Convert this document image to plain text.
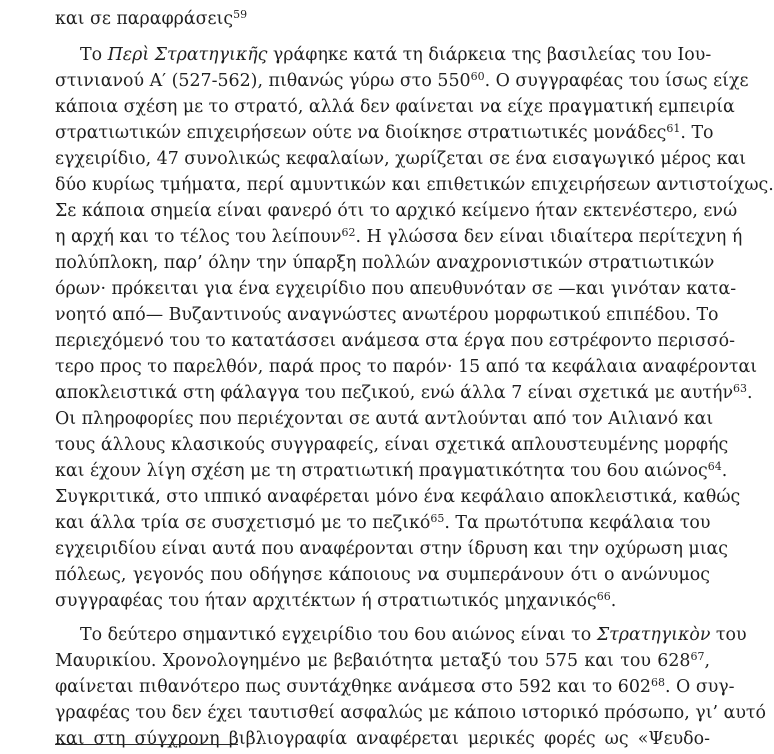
και σε παραφράσεις$^{59}$
Το Περὶ Στρατηγικῆς γράφηκε κατά τη διάρκεια της βασιλείας του Ιου-
στινιανού Α′ (527-562), πιθανώς γύρω στο $550^{60}$. Ο συγγραφέας του ίσως είχε
κάποια σχέση με το στρατό, αλλά δεν φαίνεται να είχε πραγματική εμπειρία
στρατιωτικών επιχειρήσεων ούτε να διοίκησε στρατιωτικές μονάδες$^{61}$. Το
εγχειρίδιο, 47 συνολικώς κεφαλαίων, χωρίζεται σε ένα εισαγωγικό μέρος και
δύο κυρίως τμήματα, περί αμυντικών και επιθετικών επιχειρήσεων αντιστοίχως.
Σε κάποια σημεία είναι φανερό ότι το αρχικό κείμενο ήταν εκτενέστερο, ενώ
η αρχή και το τέλος του λείπουν$^{62}$. Η γλώσσα δεν είναι ιδιαίτερα περίτεχνη ή
πολύπλοκη, παρ’ όλην την ύπαρξη πολλών αναχρονιστικών στρατιωτικών
όρων· πρόκειται για ένα εγχειρίδιο που απευθυνόταν σε —και γινόταν κατα-
νοητό από— Βυζαντινούς αναγνώστες ανωτέρου μορφωτικού επιπέδου. Το
περιεχόμενό του το κατατάσσει ανάμεσα στα έργα που εστρέφοντο περισσό-
τερο προς το παρελθόν, παρά προς το παρόν· 15 από τα κεφάλαια αναφέρονται
αποκλειστικά στη φάλαγγα του πεζικού, ενώ άλλα 7 είναι σχετικά με αυτήν$^{63}$.
Οι πληροφορίες που περιέχονται σε αυτά αντλούνται από τον Αιλιανό και
τους άλλους κλασικούς συγγραφείς, είναι σχετικά απλουστευμένης μορφής
και έχουν λίγη σχέση με τη στρατιωτική πραγματικότητα του 6ου αιώνος$^{64}$.
Συγκριτικά, στο ιππικό αναφέρεται μόνο ένα κεφάλαιο αποκλειστικά, καθώς
και άλλα τρία σε συσχετισμό με το πεζικό$^{65}$. Τα πρωτότυπα κεφάλαια του
εγχειριδίου είναι αυτά που αναφέρονται στην ίδρυση και την οχύρωση μιας
πόλεως, γεγονός που οδήγησε κάποιους να συμπεράνουν ότι ο ανώνυμος
συγγραφέας του ήταν αρχιτέκτων ή στρατιωτικός μηχανικός$^{66}$.
Το δεύτερο σημαντικό εγχειρίδιο του 6ου αιώνος είναι το Στρατηγικὸν του
Μαυρικίου. Χρονολογημένο με βεβαιότητα μεταξύ του 575 και του $628^{67}$,
φαίνεται πιθανότερο πως συντάχθηκε ανάμεσα στο 592 και το $602^{68}$. Ο συγ-
γραφέας του δεν έχει ταυτισθεί ασφαλώς με κάποιο ιστορικό πρόσωπο, γι’ αυτό
και στη σύγχρονη βιβλιογραφία αναφέρεται μερικές φορές ως «Ψευδο-
